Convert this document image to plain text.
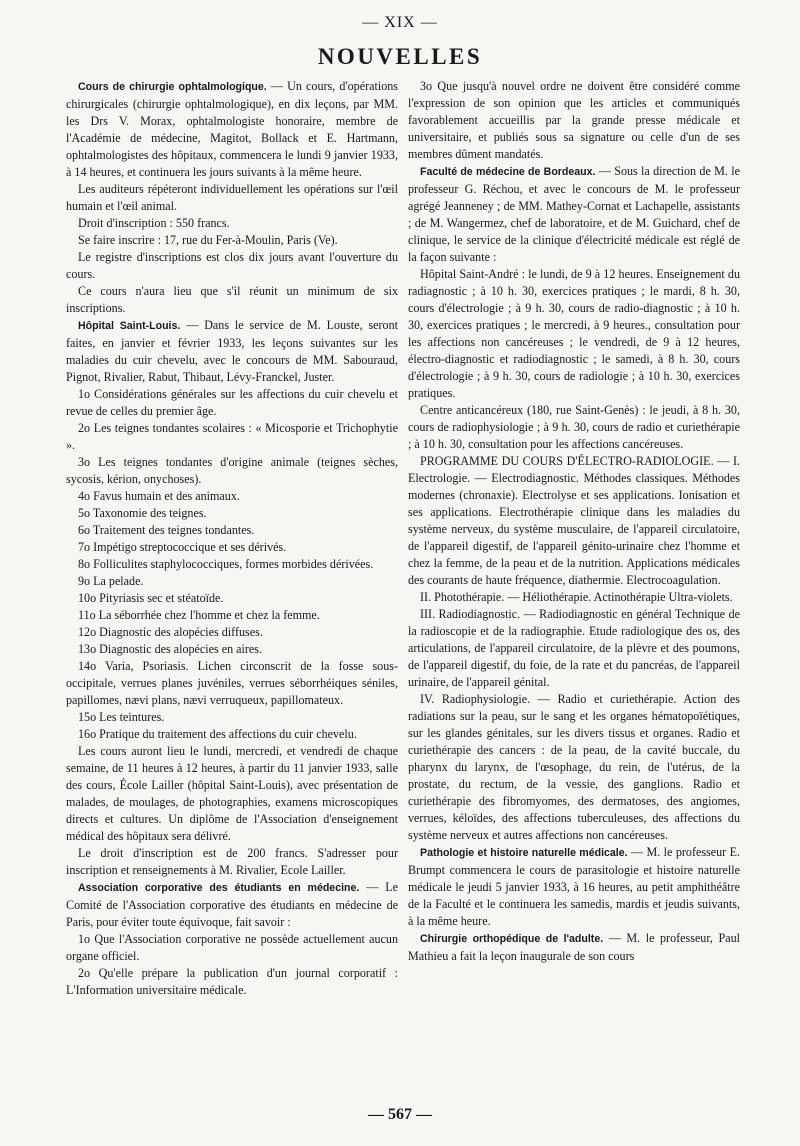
— XIX —
NOUVELLES

Cours de chirurgie ophtalmologique. — Un cours, d'opérations chirurgicales (chirurgie ophtalmologique), en dix leçons, par MM. les Drs V. Morax, ophtalmologiste honoraire, membre de l'Académie de médecine, Magitot, Bollack et E. Hartmann, ophtalmologistes des hôpitaux, commencera le lundi 9 janvier 1933, à 14 heures, et continuera les jours suivants à la même heure.

Les auditeurs répéteront individuellement les opérations sur l'œil humain et l'œil animal.

Droit d'inscription : 550 francs.

Se faire inscrire : 17, rue du Fer-à-Moulin, Paris (Ve).

Le registre d'inscriptions est clos dix jours avant l'ouverture du cours.

Ce cours n'aura lieu que s'il réunit un minimum de six inscriptions.

Hôpital Saint-Louis. — Dans le service de M. Louste, seront faites, en janvier et février 1933, les leçons suivantes sur les maladies du cuir chevelu, avec le concours de MM. Sabouraud, Pignot, Rivalier, Rabut, Thibaut, Lévy-Franckel, Juster.

1o Considérations générales sur les affections du cuir chevelu et revue de celles du premier âge.

2o Les teignes tondantes scolaires : « Micosporie et Trichophytie ».

3o Les teignes tondantes d'origine animale (teignes sèches, sycosis, kérion, onychoses).

4o Favus humain et des animaux.

5o Taxonomie des teignes.

6o Traitement des teignes tondantes.

7o Impétigo streptococcique et ses dérivés.

8o Folliculites staphylococciques, formes morbides dérivées.

9o La pelade.

10o Pityriasis sec et stéatoïde.

11o La séborrhée chez l'homme et chez la femme.

12o Diagnostic des alopécies diffuses.

13o Diagnostic des alopécies en aires.

14o Varia, Psoriasis. Lichen circonscrit de la fosse sous-occipitale, verrues planes juvéniles, verrues séborrhéiques séniles, papillomes, nævi plans, nævi verruqueux, papillomateux.

15o Les teintures.

16o Pratique du traitement des affections du cuir chevelu.

Les cours auront lieu le lundi, mercredi, et vendredi de chaque semaine, de 11 heures à 12 heures, à partir du 11 janvier 1933, salle des cours, École Lailler (hôpital Saint-Louis), avec présentation de malades, de moulages, de photographies, examens microscopiques directs et cultures. Un diplôme de l'Association d'enseignement médical des hôpitaux sera délivré.

Le droit d'inscription est de 200 francs. S'adresser pour inscription et renseignements à M. Rivalier, Ecole Lailler.

Association corporative des étudiants en médecine. — Le Comité de l'Association corporative des étudiants en médecine de Paris, pour éviter toute équivoque, fait savoir :

1o Que l'Association corporative ne possède actuellement aucun organe officiel.

2o Qu'elle prépare la publication d'un journal corporatif : L'Information universitaire médicale.

3o Que jusqu'à nouvel ordre ne doivent être considéré comme l'expression de son opinion que les articles et communiqués favorablement accueillis par la grande presse médicale et universitaire, et publiés sous sa signature ou celle d'un de ses membres dûment mandatés.

Faculté de médecine de Bordeaux. — Sous la direction de M. le professeur G. Réchou, et avec le concours de M. le professeur agrégé Jeanneney ; de MM. Mathey-Cornat et Lachapelle, assistants ; de M. Wangermez, chef de laboratoire, et de M. Guichard, chef de clinique, le service de la clinique d'électricité médicale est réglé de la façon suivante :

Hôpital Saint-André : le lundi, de 9 à 12 heures. Enseignement du radiagnostic ; à 10 h. 30, exercices pratiques ; le mardi, 8 h. 30, cours d'électrologie ; à 9 h. 30, cours de radio-diagnostic ; à 10 h. 30, exercices pratiques ; le mercredi, à 9 heures., consultation pour les affections non cancéreuses ; le vendredi, de 9 à 12 heures, électro-diagnostic et radiodiagnostic ; le samedi, à 8 h. 30, cours d'électrologie ; à 9 h. 30, cours de radiologie ; à 10 h. 30, exercices pratiques.

Centre anticancéreux (180, rue Saint-Genès) : le jeudi, à 8 h. 30, cours de radiophysiologie ; à 9 h. 30, cours de radio et curiethérapie ; à 10 h. 30, consultation pour les affections cancéreuses.

PROGRAMME DU COURS D'ÉLECTRO-RADIOLOGIE. — I. Electrologie. — Electrodiagnostic. Méthodes classiques. Méthodes modernes (chronaxie). Electrolyse et ses applications. Ionisation et ses applications. Electrothérapie clinique dans les maladies du système nerveux, du système musculaire, de l'appareil circulatoire, de l'appareil digestif, de l'appareil génito-urinaire chez l'homme et chez la femme, de la peau et de la nutrition. Applications médicales des courants de haute fréquence, diathermie. Electrocoagulation.

II. Photothérapie. — Héliothérapie. Actinothérapie Ultra-violets.

III. Radiodiagnostic. — Radiodiagnostic en général Technique de la radioscopie et de la radiographie. Etude radiologique des os, des articulations, de l'appareil circulatoire, de la plèvre et des poumons, de l'appareil digestif, du foie, de la rate et du pancréas, de l'appareil urinaire, de l'appareil génital.

IV. Radiophysiologie. — Radio et curiethérapie. Action des radiations sur la peau, sur le sang et les organes hématopoïétiques, sur les glandes génitales, sur les divers tissus et organes. Radio et curiethérapie des cancers : de la peau, de la cavité buccale, du pharynx du larynx, de l'œsophage, du rein, de l'utérus, de la prostate, du rectum, de la vessie, des ganglions. Radio et curiethérapie des fibromyomes, des dermatoses, des angiomes, verrues, kéloïdes, des affections tuberculeuses, des affections du système nerveux et autres affections non cancéreuses.

Pathologie et histoire naturelle médicale. — M. le professeur E. Brumpt commencera le cours de parasitologie et histoire naturelle médicale le jeudi 5 janvier 1933, à 16 heures, au petit amphithéâtre de la Faculté et le continuera les samedis, mardis et jeudis suivants, à la même heure.

Chirurgie orthopédique de l'adulte. — M. le professeur, Paul Mathieu a fait la leçon inaugurale de son cours

— 567 —
